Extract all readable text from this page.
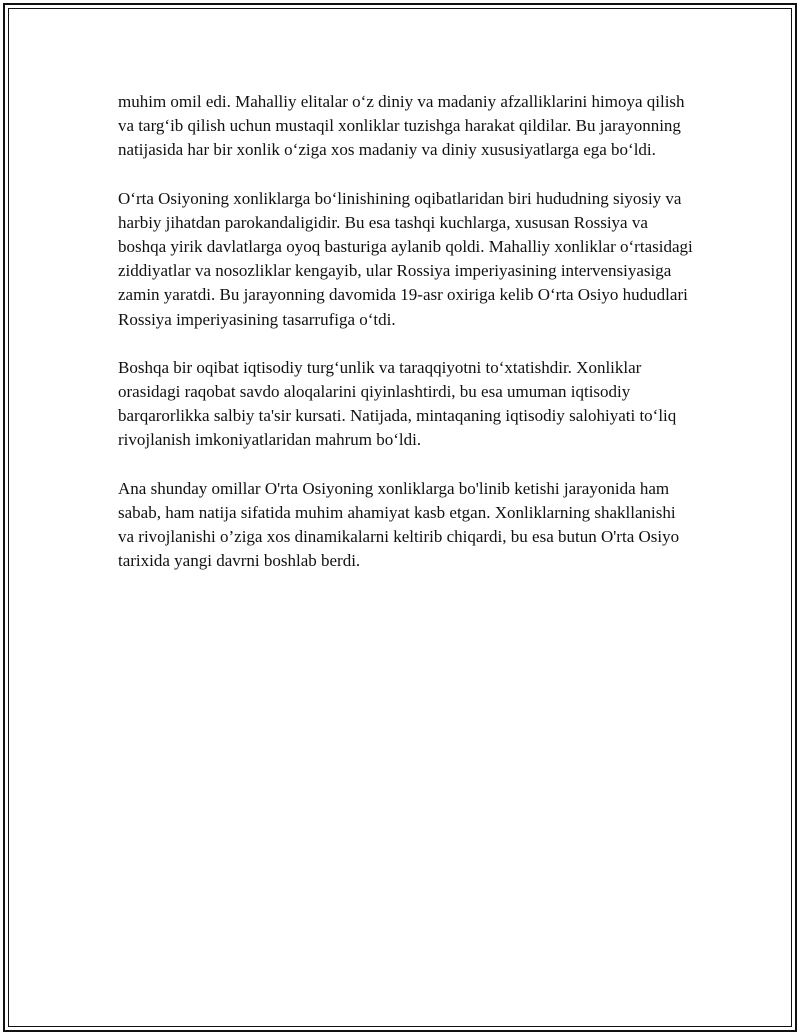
muhim omil edi. Mahalliy elitalar o‘z diniy va madaniy afzalliklarini himoya qilish va targ‘ib qilish uchun mustaqil xonliklar tuzishga harakat qildilar. Bu jarayonning natijasida har bir xonlik o‘ziga xos madaniy va diniy xususiyatlarga ega bo‘ldi.

O‘rta Osiyoning xonliklarga bo‘linishining oqibatlaridan biri hududning siyosiy va harbiy jihatdan parokandaligidir. Bu esa tashqi kuchlarga, xususan Rossiya va boshqa yirik davlatlarga oyoq basturiga aylanib qoldi. Mahalliy xonliklar o‘rtasidagi ziddiyatlar va nosozliklar kengayib, ular Rossiya imperiyasining intervensiyasiga zamin yaratdi. Bu jarayonning davomida 19-asr oxiriga kelib O‘rta Osiyo hududlari Rossiya imperiyasining tasarrufiga o‘tdi.

Boshqa bir oqibat iqtisodiy turg‘unlik va taraqqiyotni to‘xtatishdir. Xonliklar orasidagi raqobat savdo aloqalarini qiyinlashtirdi, bu esa umuman iqtisodiy barqarorlikka salbiy ta'sir kursati. Natijada, mintaqaning iqtisodiy salohiyati to‘liq rivojlanish imkoniyatlaridan mahrum bo‘ldi.

Ana shunday omillar O'rta Osiyoning xonliklarga bo'linib ketishi jarayonida ham sabab, ham natija sifatida muhim ahamiyat kasb etgan. Xonliklarning shakllanishi va rivojlanishi o’ziga xos dinamikalarni keltirib chiqardi, bu esa butun O'rta Osiyo tarixida yangi davrni boshlab berdi.
